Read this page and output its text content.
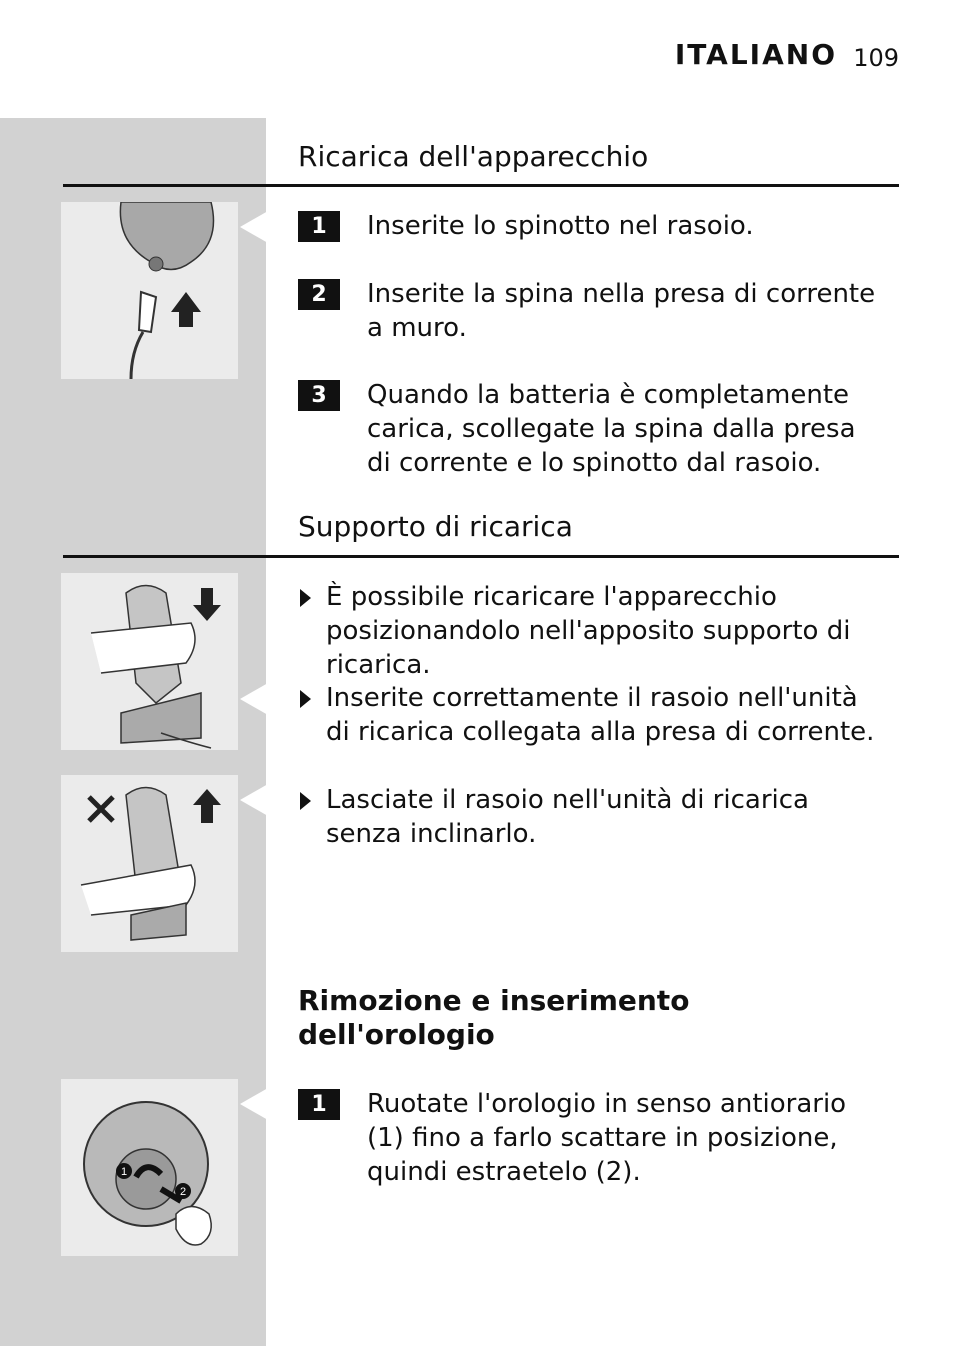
ITALIANO 109
Ricarica dell'apparecchio
1	Inserite lo spinotto nel rasoio.
2	Inserite la spina nella presa di corrente a muro.
3	Quando la batteria è completamente carica, scollegate la spina dalla presa di corrente e lo spinotto dal rasoio.
Supporto di ricarica
È possibile ricaricare l'apparecchio posizionandolo nell'apposito supporto di ricarica.
Inserite correttamente il rasoio nell'unità di ricarica collegata alla presa di corrente.
Lasciate il rasoio nell'unità di ricarica senza inclinarlo.
Rimozione e inserimento dell'orologio
1
2
1	Ruotate l'orologio in senso antiorario (1) fino a farlo scattare in posizione, quindi estraetelo (2).
